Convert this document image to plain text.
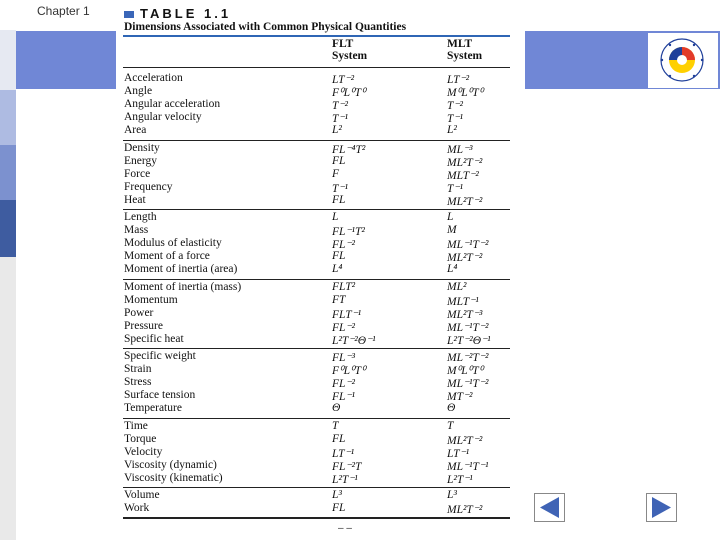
Chapter 1	TABLE 1.1
Dimensions Associated with Common Physical Quantities
FLT
System
MLT
System
Acceleration	LT⁻²	LT⁻²
Angle	F⁰L⁰T⁰	M⁰L⁰T⁰
Angular acceleration	T⁻²	T⁻²
Angular velocity	T⁻¹	T⁻¹
Area	L²	L²
Density	FL⁻⁴T²	ML⁻³
Energy	FL	ML²T⁻²
Force	F	MLT⁻²
Frequency	T⁻¹	T⁻¹
Heat	FL	ML²T⁻²
Length	L	L
Mass	FL⁻¹T²	M
Modulus of elasticity	FL⁻²	ML⁻¹T⁻²
Moment of a force	FL	ML²T⁻²
Moment of inertia (area)	L⁴	L⁴
Moment of inertia (mass)	FLT²	ML²
Momentum	FT	MLT⁻¹
Power	FLT⁻¹	ML²T⁻³
Pressure	FL⁻²	ML⁻¹T⁻²
Specific heat	L²T⁻²Θ⁻¹	L²T⁻²Θ⁻¹
Specific weight	FL⁻³	ML⁻²T⁻²
Strain	F⁰L⁰T⁰	M⁰L⁰T⁰
Stress	FL⁻²	ML⁻¹T⁻²
Surface tension	FL⁻¹	MT⁻²
Temperature	Θ	Θ
Time	T	T
Torque	FL	ML²T⁻²
Velocity	LT⁻¹	LT⁻¹
Viscosity (dynamic)	FL⁻²T	ML⁻¹T⁻¹
Viscosity (kinematic)	L²T⁻¹	L²T⁻¹
Volume	L³	L³
Work	FL	ML²T⁻²
– –
